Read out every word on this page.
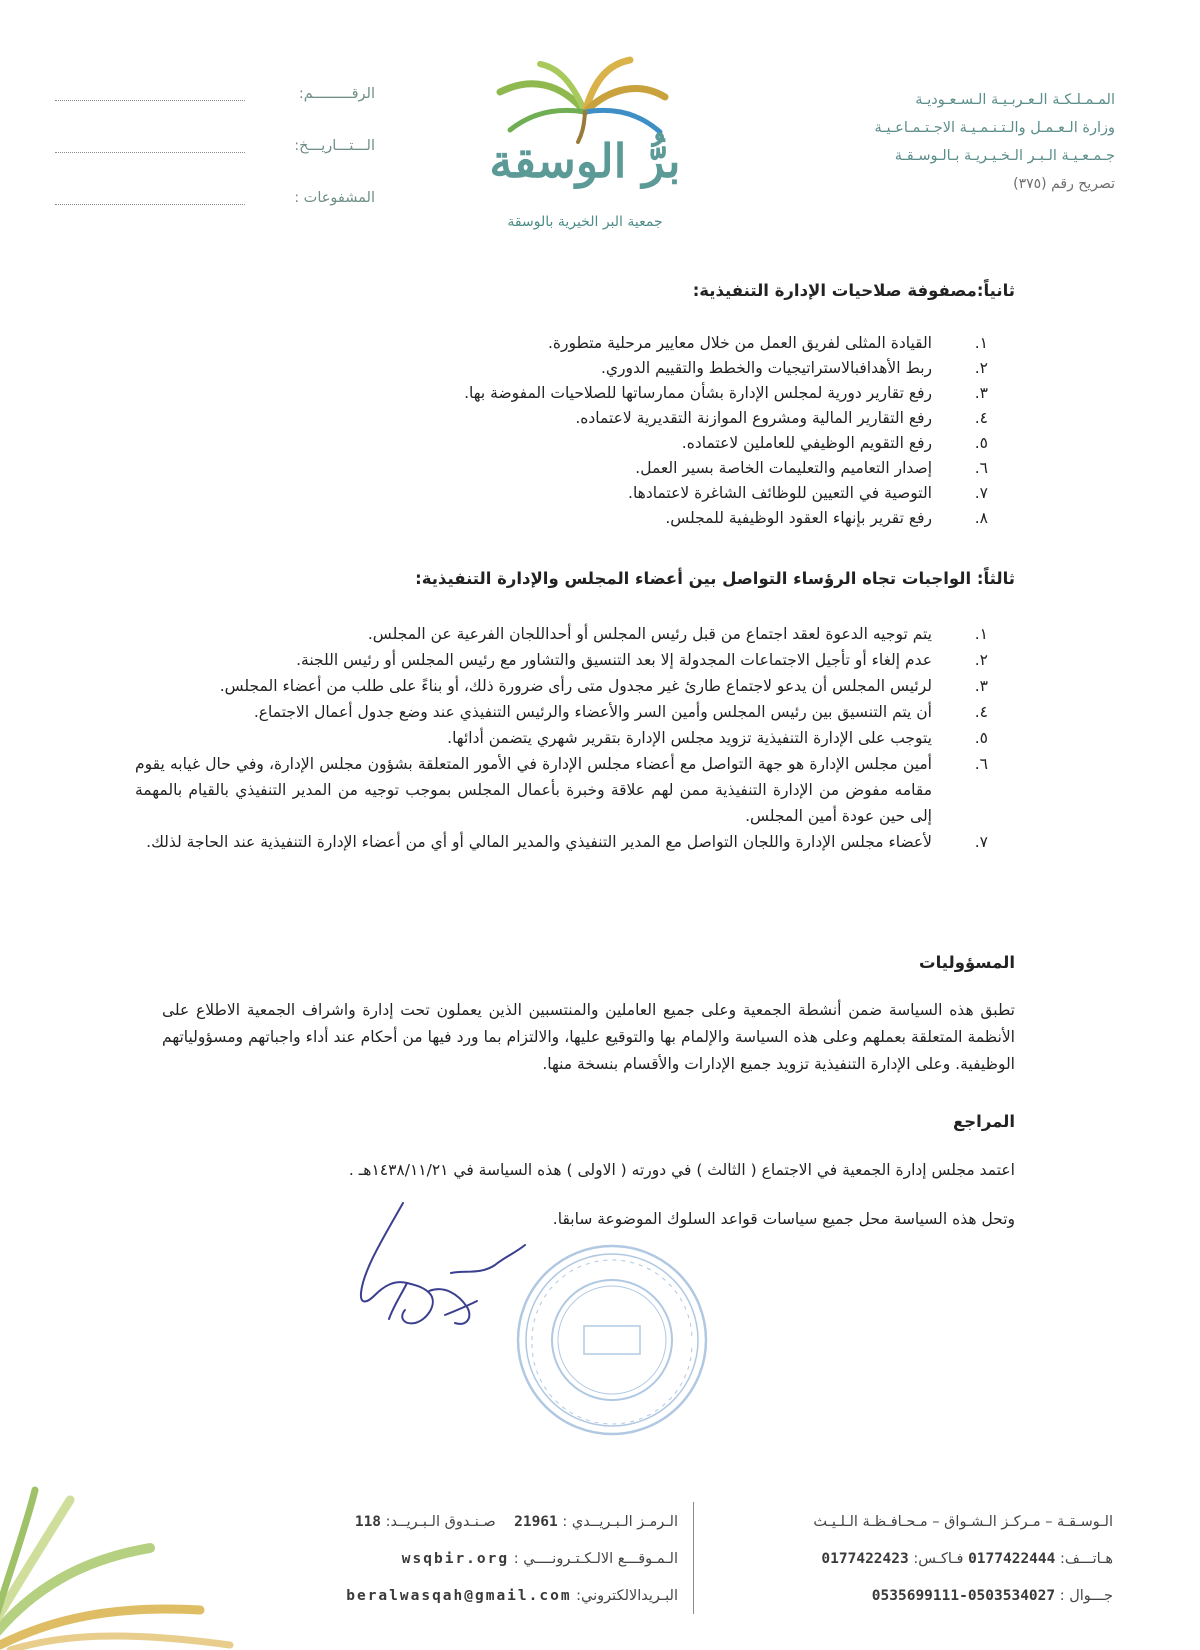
المـمـلـكـة الـعـربـيـة الـسـعـوديـة
وزارة الـعـمـل والـتـنـمـيـة الاجـتـمـاعـيـة
جـمـعـيـة الـبـر الـخـيـريـة بـالـوسـقـة
تصريح رقم (٣٧٥)
الرقـــــــــم:
الـــتـــاريـــخ:
المشفوعات :
برُّ الوسقة
جمعية البر الخيرية بالوسقة
ثانياً:مصفوفة صلاحيات الإدارة التنفيذية:
١.
القيادة المثلى لفريق العمل من خلال معايير مرحلية متطورة.
٢.
ربط الأهدافبالاستراتيجيات والخطط والتقييم الدوري.
٣.
رفع تقارير دورية لمجلس الإدارة بشأن ممارساتها للصلاحيات المفوضة بها.
٤.
رفع التقارير المالية ومشروع الموازنة التقديرية لاعتماده.
٥.
رفع التقويم الوظيفي للعاملين لاعتماده.
٦.
إصدار التعاميم والتعليمات الخاصة بسير العمل.
٧.
التوصية في التعيين للوظائف الشاغرة لاعتمادها.
٨.
رفع تقرير بإنهاء العقود الوظيفية للمجلس.
ثالثاً: الواجبات تجاه الرؤساء التواصل بين أعضاء المجلس والإدارة التنفيذية:
١.
يتم توجيه الدعوة لعقد اجتماع من قبل رئيس المجلس أو أحداللجان الفرعية عن المجلس.
٢.
عدم إلغاء أو تأجيل الاجتماعات المجدولة إلا بعد التنسيق والتشاور مع رئيس المجلس أو رئيس اللجنة.
٣.
لرئيس المجلس أن يدعو لاجتماع طارئ غير مجدول متى رأى ضرورة ذلك، أو بناءً على طلب من أعضاء المجلس.
٤.
أن يتم التنسيق بين رئيس المجلس وأمين السر والأعضاء والرئيس التنفيذي عند وضع جدول أعمال الاجتماع.
٥.
يتوجب على الإدارة التنفيذية تزويد مجلس الإدارة بتقرير شهري يتضمن أدائها.
٦.
أمين مجلس الإدارة هو جهة التواصل مع أعضاء مجلس الإدارة في الأمور المتعلقة بشؤون مجلس الإدارة، وفي حال غيابه يقوم مقامه مفوض من الإدارة التنفيذية ممن لهم علاقة وخبرة بأعمال المجلس بموجب توجيه من المدير التنفيذي بالقيام بالمهمة إلى حين عودة أمين المجلس.
٧.
لأعضاء مجلس الإدارة واللجان التواصل مع المدير التنفيذي والمدير المالي أو أي من أعضاء الإدارة التنفيذية عند الحاجة لذلك.
المسؤوليات
تطبق هذه السياسة ضمن أنشطة الجمعية وعلى جميع العاملين والمنتسبين الذين يعملون تحت إدارة واشراف الجمعية الاطلاع على الأنظمة المتعلقة بعملهم وعلى هذه السياسة والإلمام بها والتوقيع عليها، والالتزام بما ورد فيها من أحكام عند أداء واجباتهم ومسؤولياتهم الوظيفية. وعلى الإدارة التنفيذية تزويد جميع الإدارات والأقسام بنسخة منها.
المراجع
اعتمد مجلس إدارة الجمعية في الاجتماع ( الثالث ) في دورته ( الاولى ) هذه السياسة في ١٤٣٨/١١/٢١هـ .
وتحل هذه السياسة محل جميع سياسات قواعد السلوك الموضوعة سابقا.
الـوسـقـة – مـركـز الـشـواق – مـحـافـظـة الـلـيـث
هـاتـــف: 0177422444 فـاكـس: 0177422423
جـــوال : 0535699111-0503534027
الـرمـز الـبـريــدي : 21961    صـنـدوق الـبـريــد: 118
الـمـوقـــع الالـكـتـرونــــي : wsqbir.org
البـريدالالكتروني: beralwasqah@gmail.com
